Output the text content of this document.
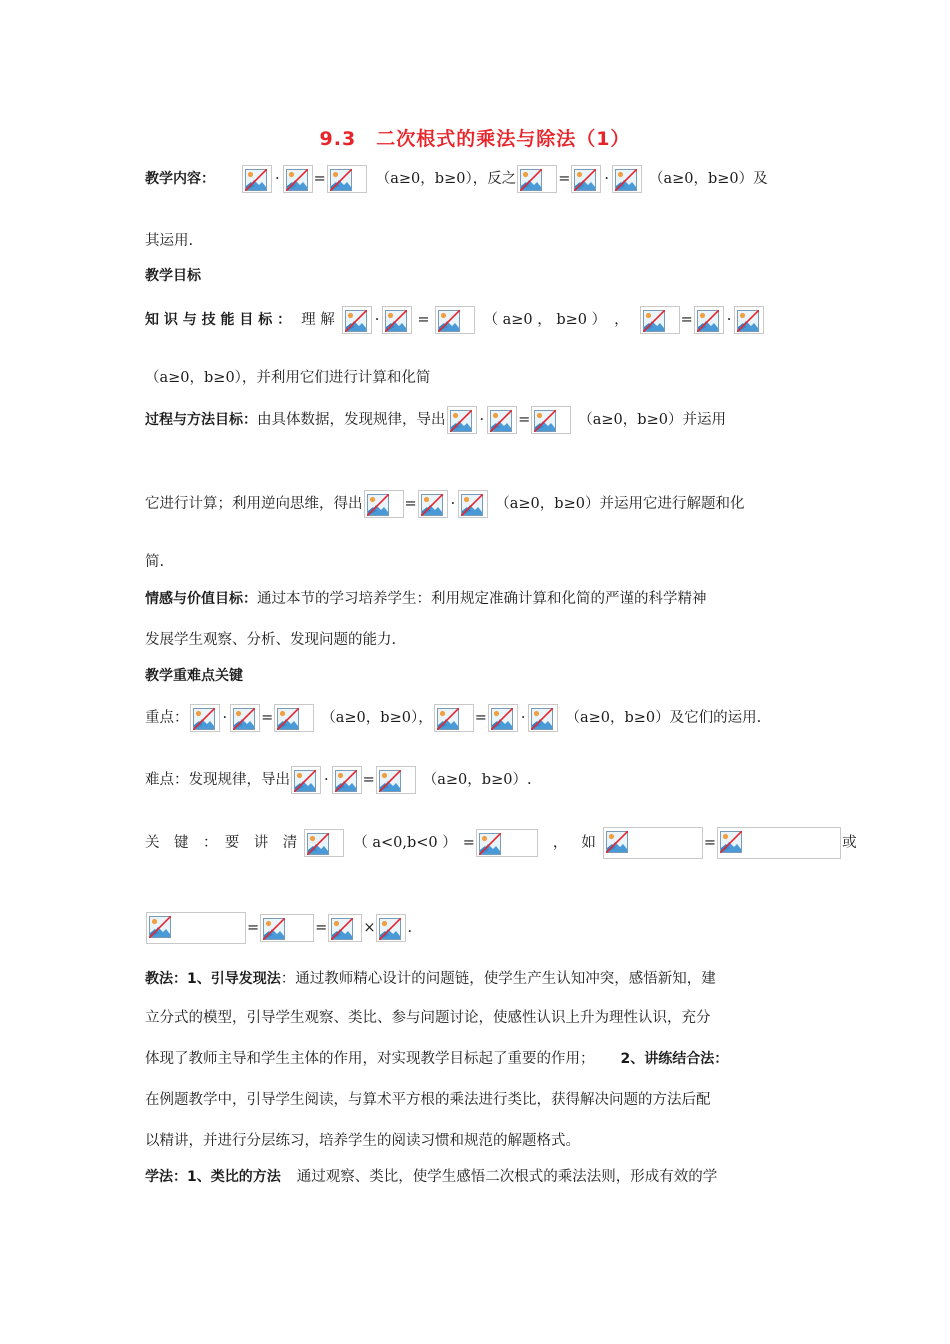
9.3　二次根式的乘法与除法（1）
教学内容：	· =	（a≥0，b≥0），反之	= ·	（a≥0，b≥0）及
其运用.
教学目标
知 识 与 技 能 目 标 ： 理 解	·	=	（ a≥0 ， b≥0 ） ，	= ·
（a≥0，b≥0），并利用它们进行计算和化简
过程与方法目标：由具体数据，发现规律，导出 · =	（a≥0，b≥0）并运用
它进行计算；利用逆向思维，得出	= ·	（a≥0，b≥0）并运用它进行解题和化
简.
情感与价值目标：通过本节的学习培养学生：利用规定准确计算和化简的严谨的科学精神
发展学生观察、分析、发现问题的能力.
教学重难点关键
重点： · =	（a≥0，b≥0），	= ·	（a≥0，b≥0）及它们的运用.
难点：发现规律，导出 · =	（a≥0，b≥0）.
关　键　：　要　讲　清	（ a<0,b<0 ） =	， 如	=	或
=	= × .
教法：1、引导发现法：通过教师精心设计的问题链，使学生产生认知冲突，感悟新知，建
立分式的模型，引导学生观察、类比、参与问题讨论，使感性认识上升为理性认识，充分
体现了教师主导和学生主体的作用，对实现教学目标起了重要的作用； 2、讲练结合法：
在例题教学中，引导学生阅读，与算术平方根的乘法进行类比，获得解决问题的方法后配
以精讲，并进行分层练习，培养学生的阅读习惯和规范的解题格式。
学法：1、类比的方法 通过观察、类比，使学生感悟二次根式的乘法法则，形成有效的学
